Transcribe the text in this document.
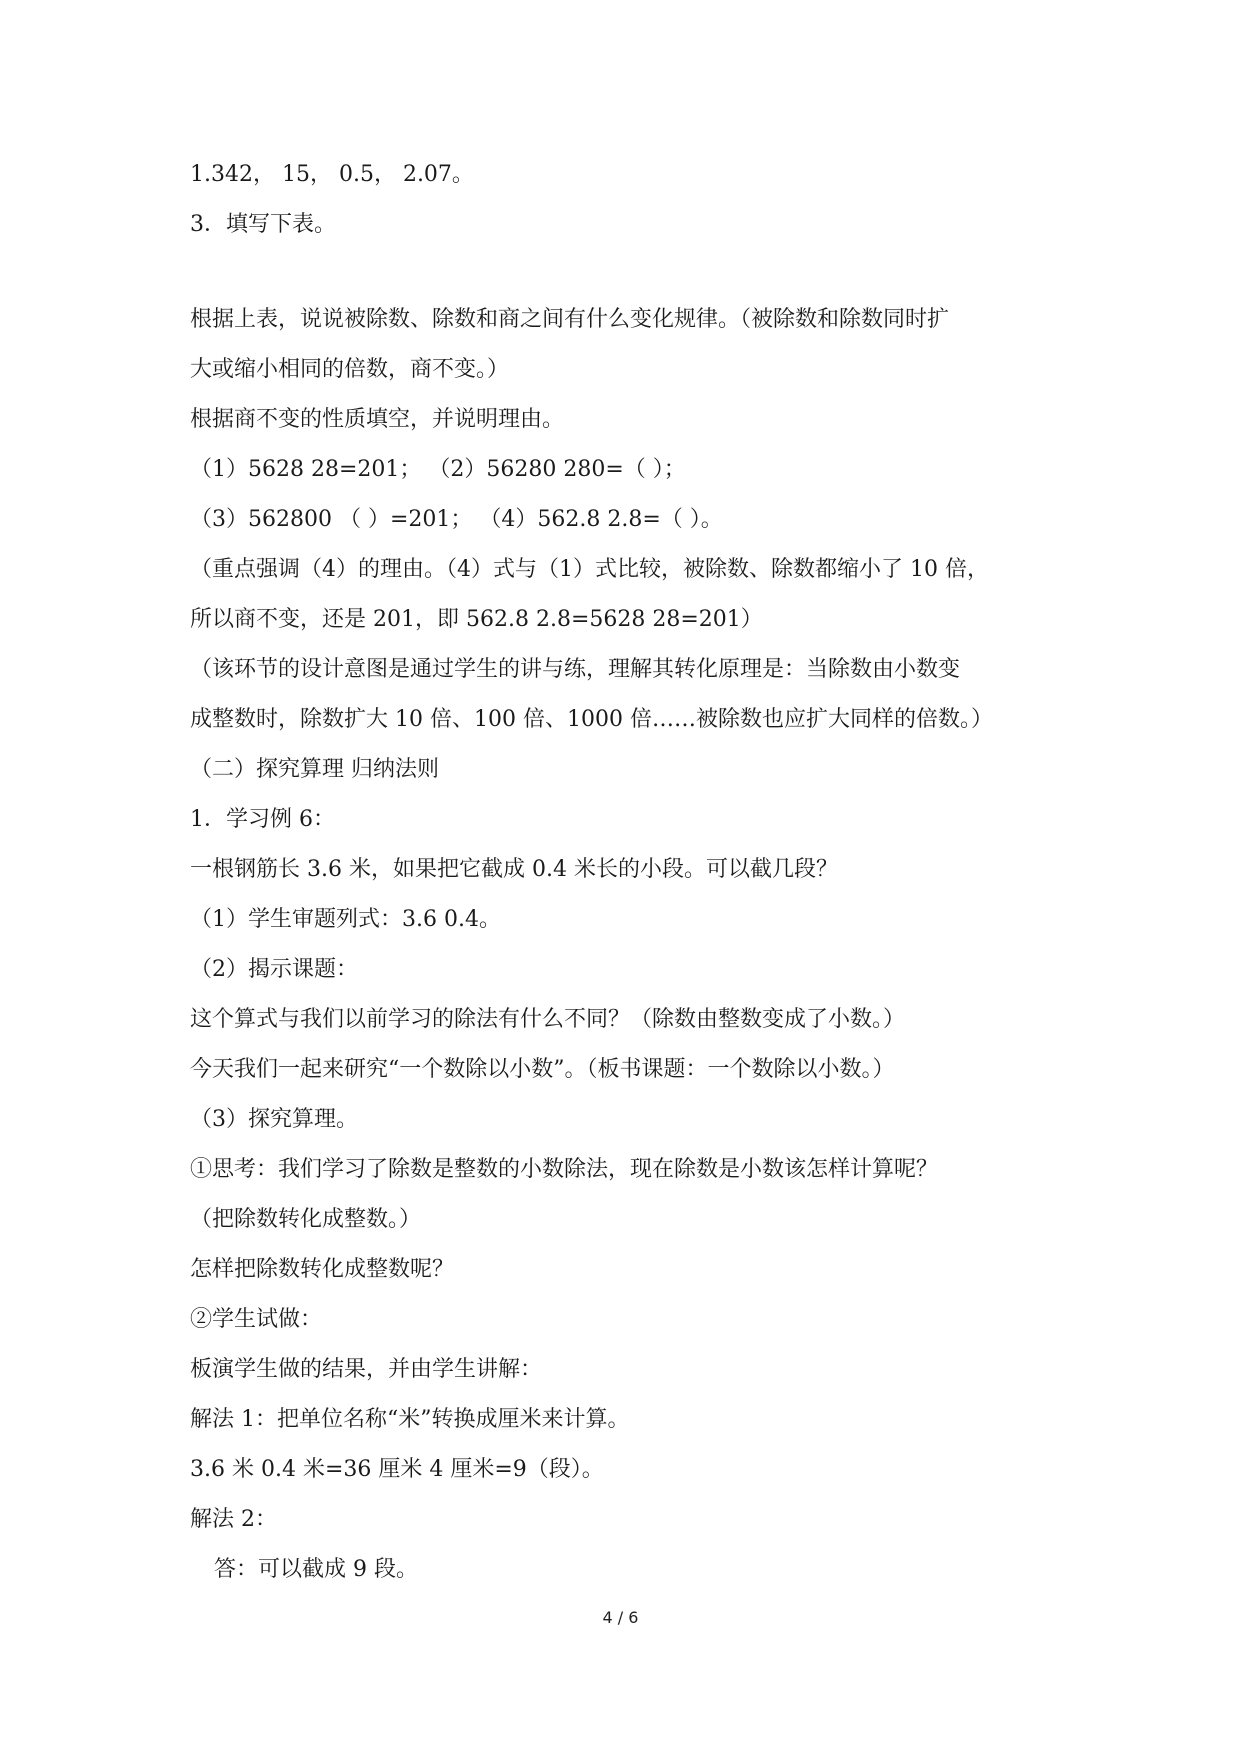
1.342， 15， 0.5， 2.07。
3．填写下表。
根据上表，说说被除数、除数和商之间有什么变化规律。（被除数和除数同时扩
大或缩小相同的倍数，商不变。）
根据商不变的性质填空，并说明理由。
（1）5628 28=201； （2）56280 280=（ ）；
（3）562800 （ ）=201； （4）562.8 2.8=（ ）。
（重点强调（4）的理由。（4）式与（1）式比较，被除数、除数都缩小了 10 倍，
所以商不变，还是 201，即 562.8 2.8=5628 28=201）
（该环节的设计意图是通过学生的讲与练，理解其转化原理是：当除数由小数变
成整数时，除数扩大 10 倍、100 倍、1000 倍……被除数也应扩大同样的倍数。）
（二）探究算理 归纳法则
1．学习例 6：
一根钢筋长 3.6 米，如果把它截成 0.4 米长的小段。可以截几段？
（1）学生审题列式：3.6 0.4。
（2）揭示课题：
这个算式与我们以前学习的除法有什么不同？（除数由整数变成了小数。）
今天我们一起来研究“一个数除以小数”。（板书课题：一个数除以小数。）
（3）探究算理。
①思考：我们学习了除数是整数的小数除法，现在除数是小数该怎样计算呢？
（把除数转化成整数。）
怎样把除数转化成整数呢？
②学生试做：
板演学生做的结果，并由学生讲解：
解法 1：把单位名称“米”转换成厘米来计算。
3.6 米 0.4 米=36 厘米 4 厘米=9（段）。
解法 2：
答：可以截成 9 段。
4 / 6
